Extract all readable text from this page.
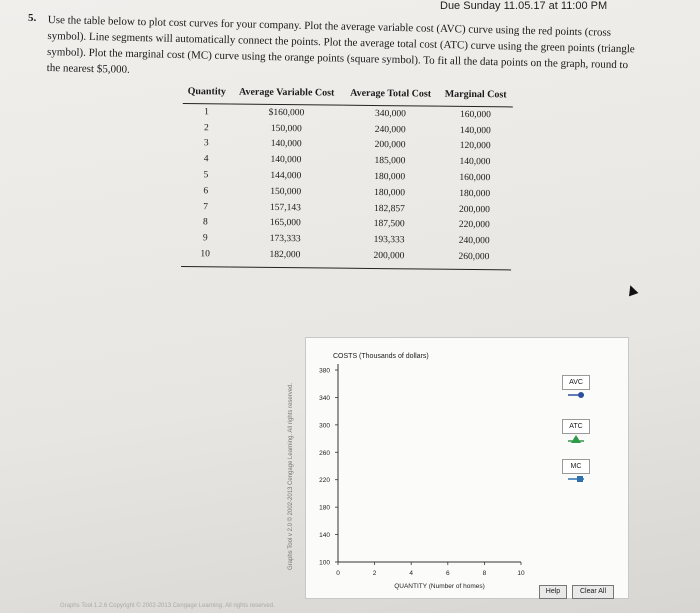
Due Sunday 11.05.17 at 11:00 PM
5. Use the table below to plot cost curves for your company. Plot the average variable cost (AVC) curve using the red points (cross symbol). Line segments will automatically connect the points. Plot the average total cost (ATC) curve using the green points (triangle symbol). Plot the marginal cost (MC) curve using the orange points (square symbol). To fit all the data points on the graph, round to the nearest $5,000.
Quantity	Average Variable Cost	Average Total Cost	Marginal Cost
1	$160,000	340,000	160,000
2	150,000	240,000	140,000
3	140,000	200,000	120,000
4	140,000	185,000	140,000
5	144,000	180,000	160,000
6	150,000	180,000	180,000
7	157,143	182,857	200,000
8	165,000	187,500	220,000
9	173,333	193,333	240,000
10	182,000	200,000	260,000
Graphs Tool v 2.0 © 2002-2013 Cengage Learning. All rights reserved.
COSTS (Thousands of dollars)
100
140
180
220
260
300
340
380
0	2	4	6	8	10
QUANTITY (Number of homes)
AVC
ATC
MC
Help	Clear All
Graphs Tool 1.2.6 Copyright © 2002-2013 Cengage Learning. All rights reserved.
